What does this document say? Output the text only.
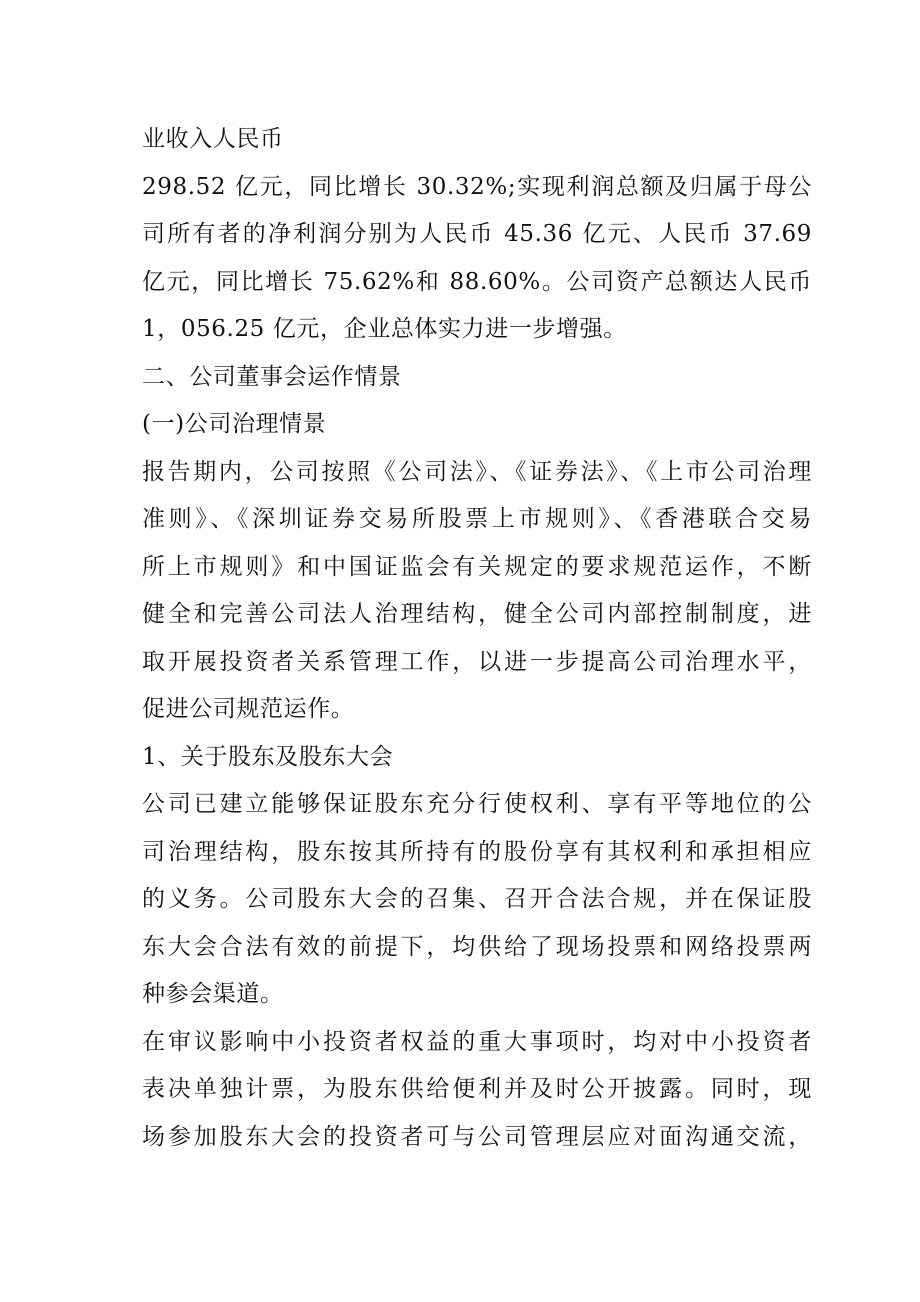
业收入人民币
298.52 亿元，同比增长 30.32%;实现利润总额及归属于母公
司所有者的净利润分别为人民币 45.36 亿元、人民币 37.69
亿元，同比增长 75.62%和 88.60%。公司资产总额达人民币
1，056.25 亿元，企业总体实力进一步增强。
二、公司董事会运作情景
(一)公司治理情景
报告期内，公司按照《公司法》、《证券法》、《上市公司治理
准则》、《深圳证券交易所股票上市规则》、《香港联合交易
所上市规则》和中国证监会有关规定的要求规范运作，不断
健全和完善公司法人治理结构，健全公司内部控制制度，进
取开展投资者关系管理工作，以进一步提高公司治理水平，
促进公司规范运作。
1、关于股东及股东大会
公司已建立能够保证股东充分行使权利、享有平等地位的公
司治理结构，股东按其所持有的股份享有其权利和承担相应
的义务。公司股东大会的召集、召开合法合规，并在保证股
东大会合法有效的前提下，均供给了现场投票和网络投票两
种参会渠道。
在审议影响中小投资者权益的重大事项时，均对中小投资者
表决单独计票，为股东供给便利并及时公开披露。同时，现
场参加股东大会的投资者可与公司管理层应对面沟通交流，
